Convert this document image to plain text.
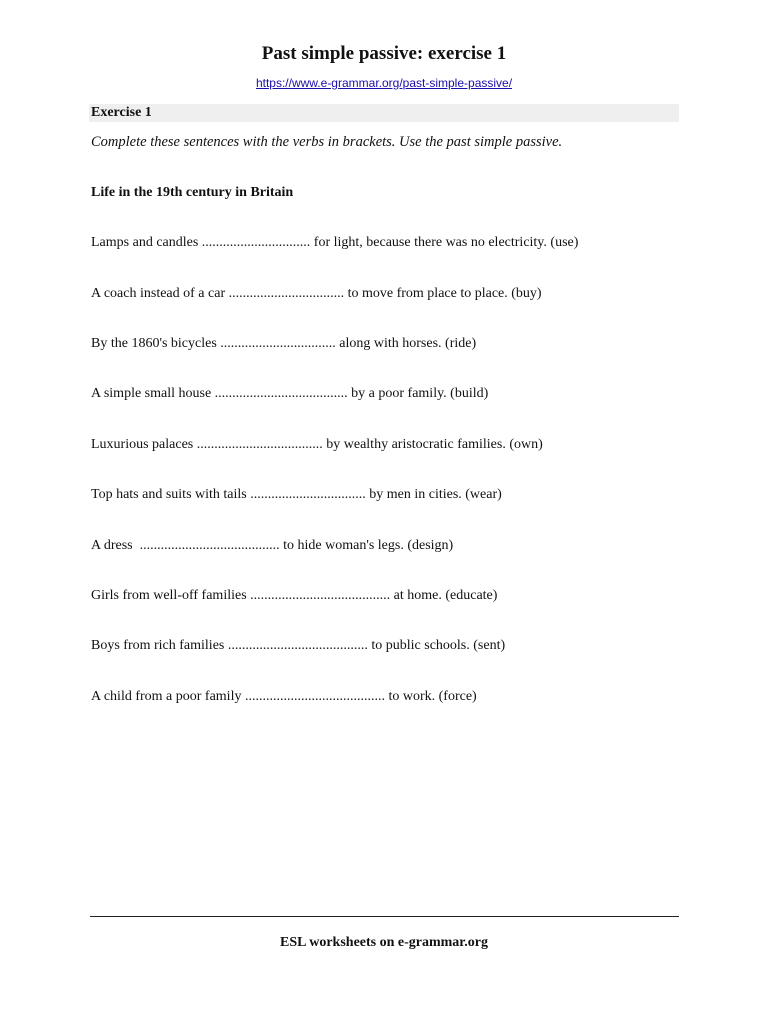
Past simple passive: exercise 1
https://www.e-grammar.org/past-simple-passive/
Exercise 1
Complete these sentences with the verbs in brackets. Use the past simple passive.
Life in the 19th century in Britain
Lamps and candles ............................... for light, because there was no electricity. (use)
A coach instead of a car ................................. to move from place to place. (buy)
By the 1860's bicycles ................................. along with horses. (ride)
A simple small house ...................................... by a poor family. (build)
Luxurious palaces .................................... by wealthy aristocratic families. (own)
Top hats and suits with tails ................................. by men in cities. (wear)
A dress  ........................................ to hide woman's legs. (design)
Girls from well-off families ........................................ at home. (educate)
Boys from rich families ........................................ to public schools. (sent)
A child from a poor family ........................................ to work. (force)
ESL worksheets on e-grammar.org
